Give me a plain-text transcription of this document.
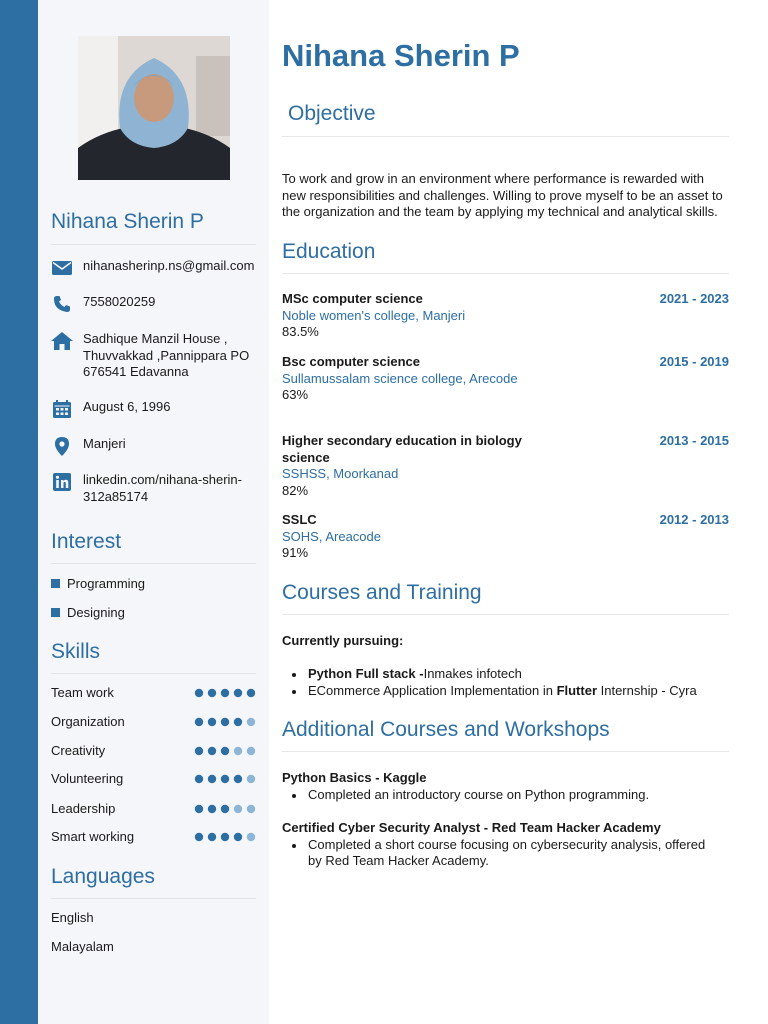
Nihana Sherin P
nihanasherinp.ns@gmail.com
7558020259
Sadhique Manzil House ,
Thuvvakkad ,Pannippara PO
676541 Edavanna
August 6, 1996
Manjeri
linkedin.com/nihana-sherin-
312a85174
Interest
Programming
Designing
Skills
Team work
Organization
Creativity
Volunteering
Leadership
Smart working
Languages
English
Malayalam
Nihana Sherin P
Objective
To work and grow in an environment where performance is rewarded with
new responsibilities and challenges. Willing to prove myself to be an asset to
the organization and the team by applying my technical and analytical skills.
Education
MSc computer science
Noble women's college, Manjeri
83.5%
2021 - 2023
Bsc computer science
Sullamussalam science college, Arecode
63%
2015 - 2019
Higher secondary education in biology science
SSHSS, Moorkanad
82%
2013 - 2015
SSLC
SOHS, Areacode
91%
2012 - 2013
Courses and Training
Currently pursuing:
Python Full stack -Inmakes infotech
ECommerce Application Implementation in Flutter Internship - Cyra
Additional Courses and Workshops
Python Basics - Kaggle
Completed an introductory course on Python programming.
Certified Cyber Security Analyst - Red Team Hacker Academy
Completed a short course focusing on cybersecurity analysis, offered by Red Team Hacker Academy.
